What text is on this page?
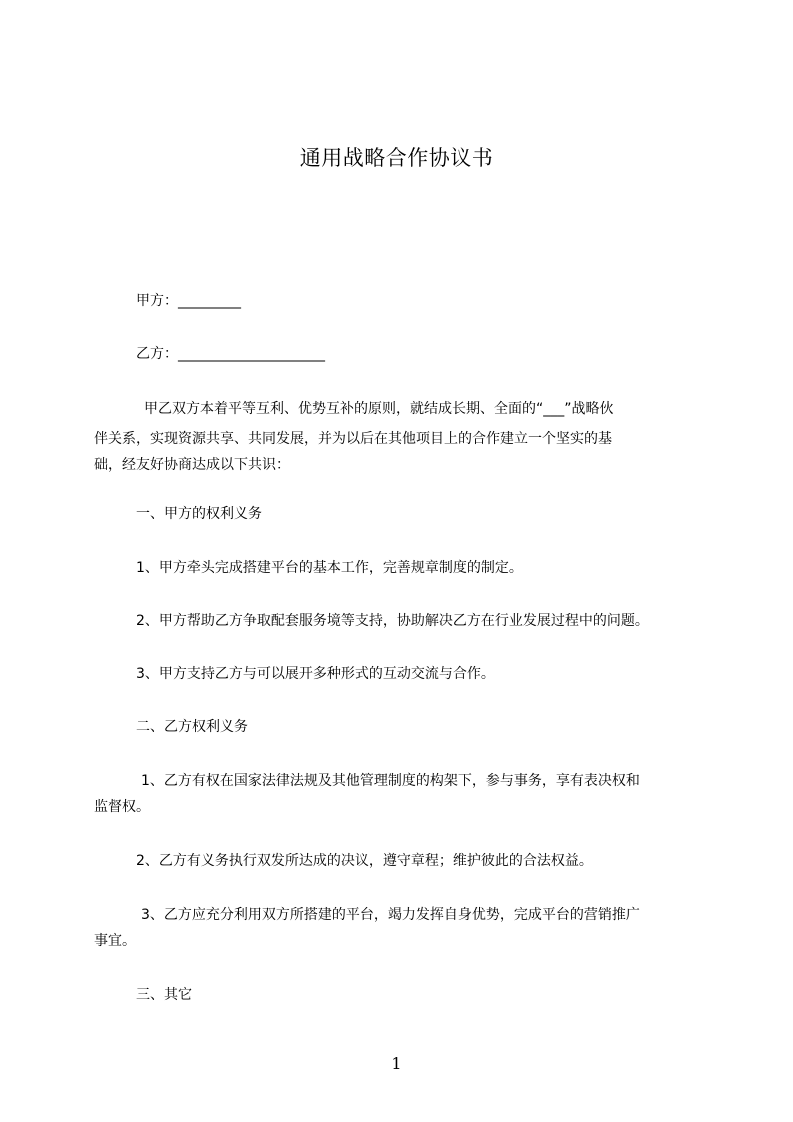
通用战略合作协议书
甲方：_________
乙方：_____________________
甲乙双方本着平等互利、优势互补的原则，就结成长期、全面的“___”战略伙
伴关系，实现资源共享、共同发展，并为以后在其他项目上的合作建立一个坚实的基
础，经友好协商达成以下共识：
一、甲方的权利义务
1、甲方牵头完成搭建平台的基本工作，完善规章制度的制定。
2、甲方帮助乙方争取配套服务境等支持，协助解决乙方在行业发展过程中的问题。
3、甲方支持乙方与可以展开多种形式的互动交流与合作。
二、乙方权利义务
1、乙方有权在国家法律法规及其他管理制度的构架下，参与事务，享有表决权和
监督权。
2、乙方有义务执行双发所达成的决议，遵守章程；维护彼此的合法权益。
3、乙方应充分利用双方所搭建的平台，竭力发挥自身优势，完成平台的营销推广
事宜。
三、其它
1
